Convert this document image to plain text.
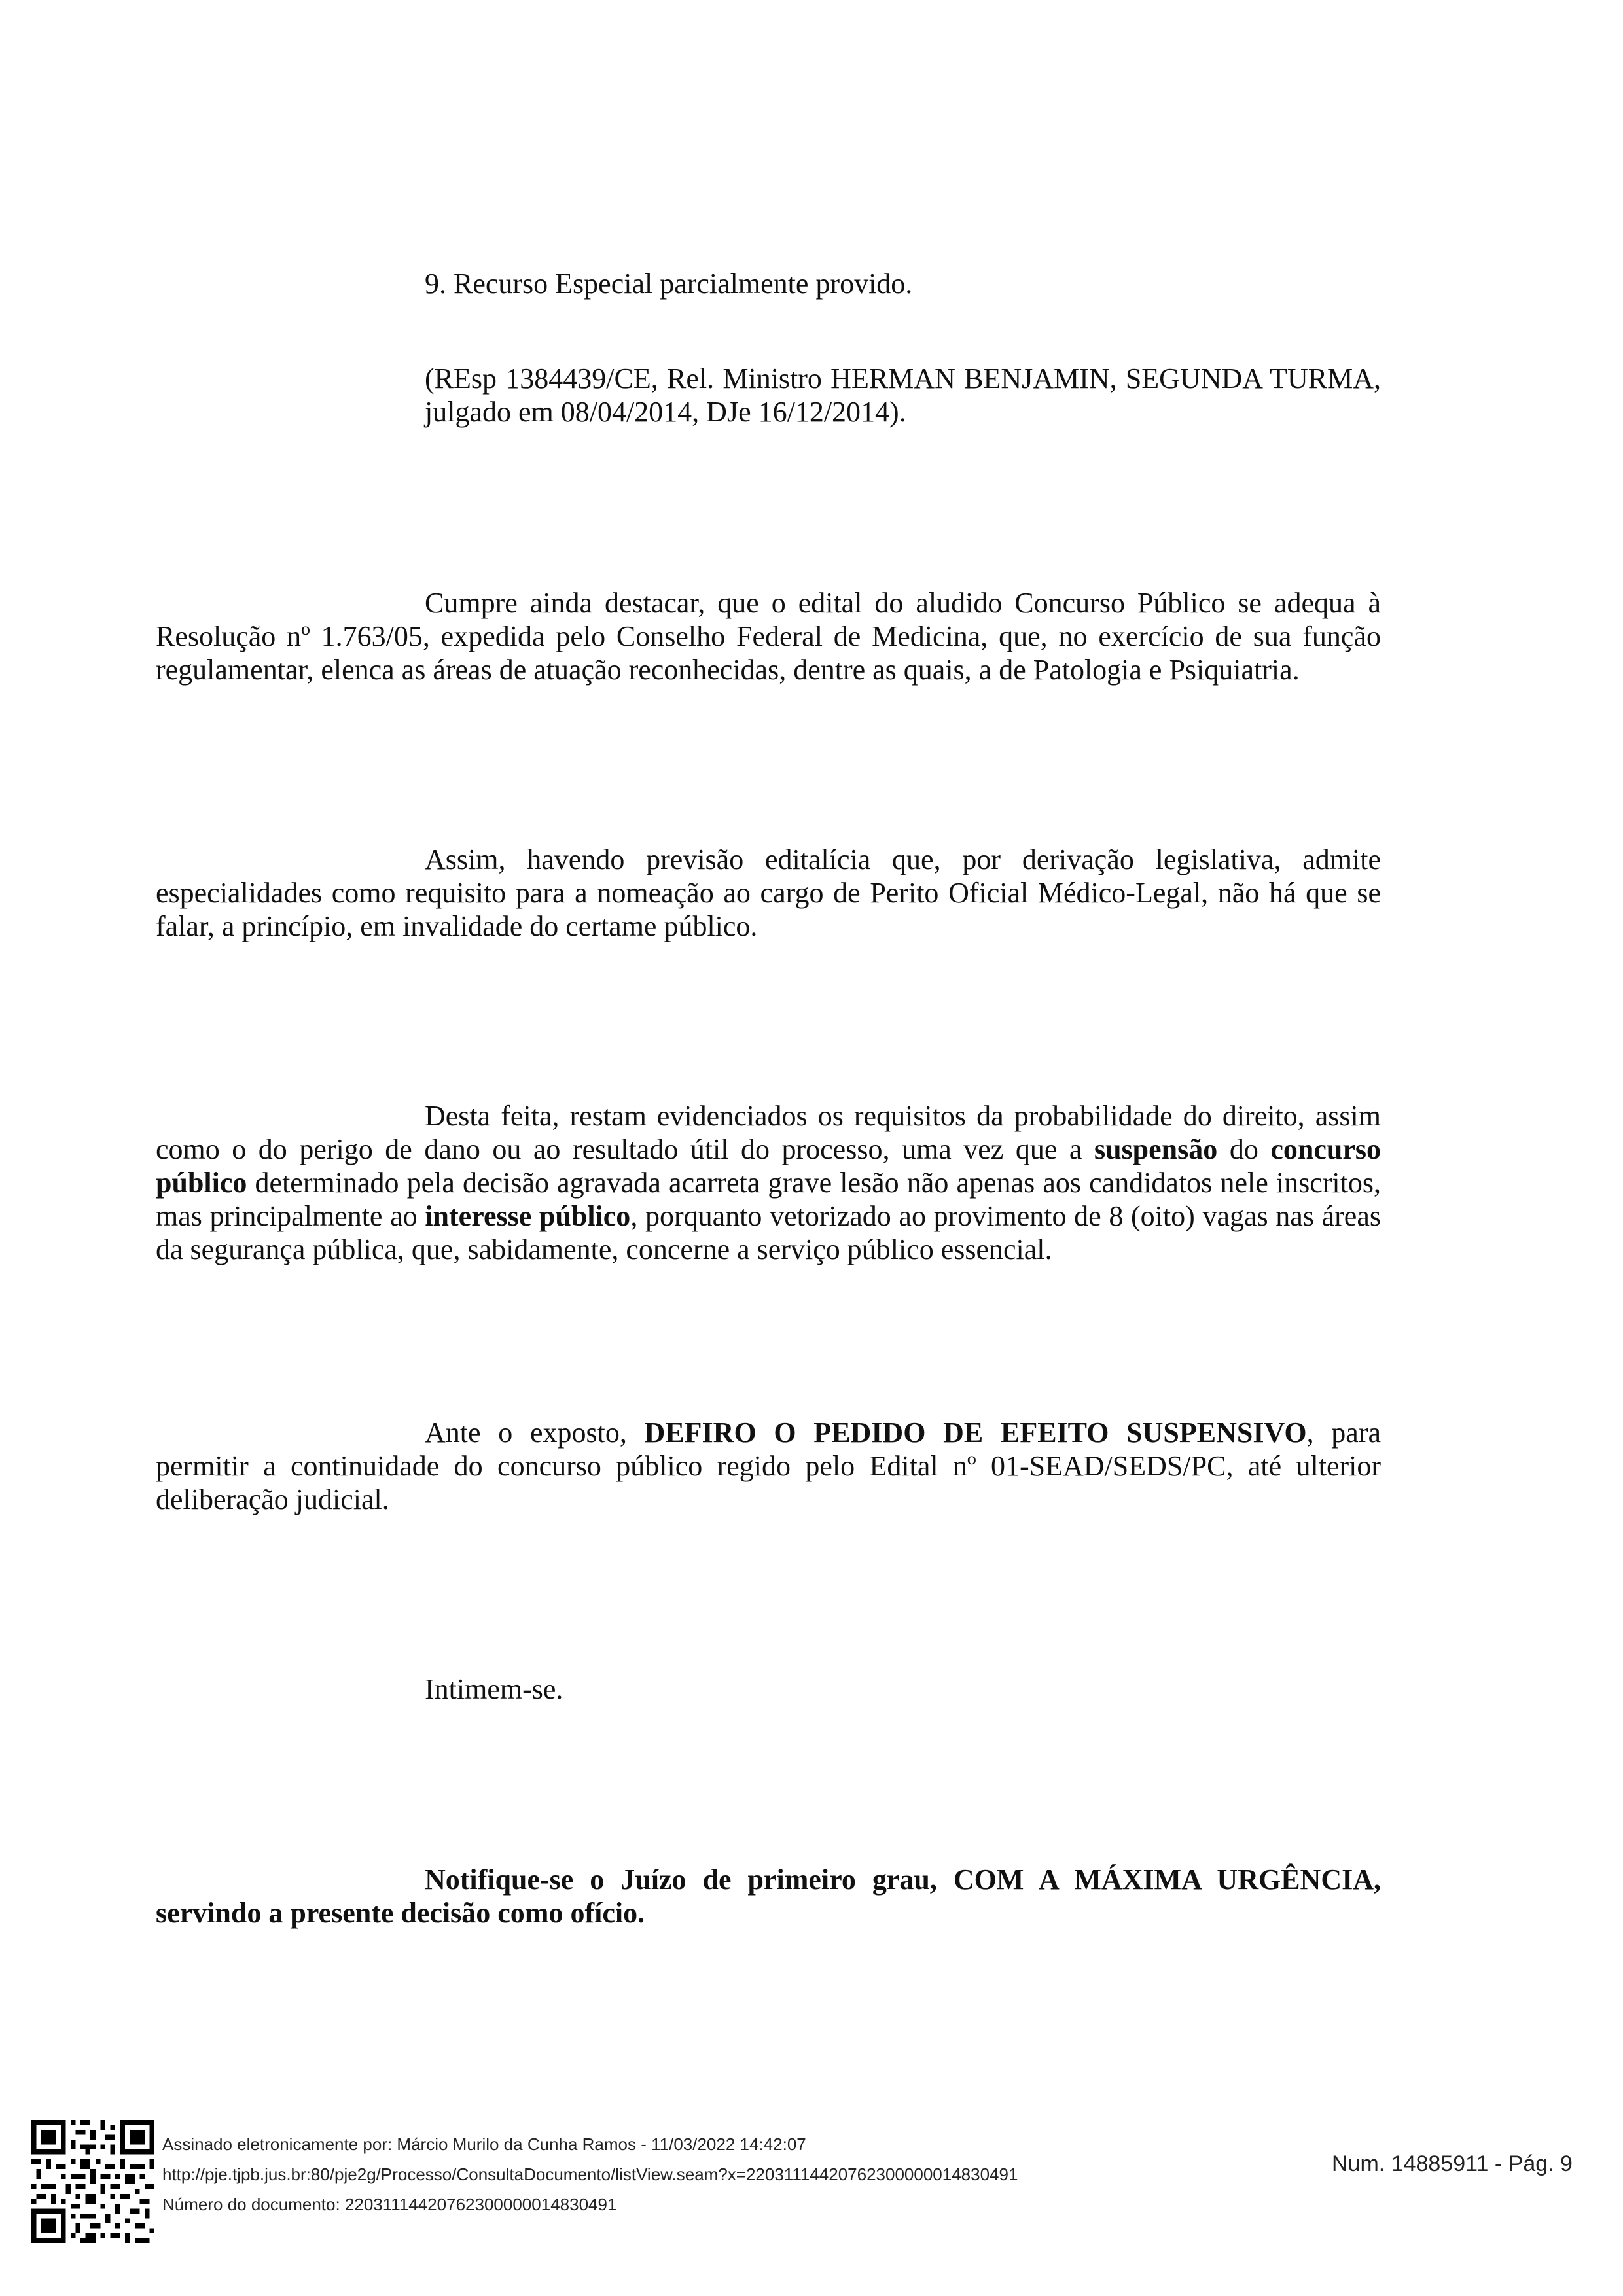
9. Recurso Especial parcialmente provido.
(REsp 1384439/CE, Rel. Ministro HERMAN BENJAMIN, SEGUNDA TURMA,
julgado em 08/04/2014, DJe 16/12/2014).
Cumpre ainda destacar, que o edital do aludido Concurso Público se adequa à
Resolução nº 1.763/05, expedida pelo Conselho Federal de Medicina, que, no exercício de sua função
regulamentar, elenca as áreas de atuação reconhecidas, dentre as quais, a de Patologia e Psiquiatria.
Assim, havendo previsão editalícia que, por derivação legislativa, admite
especialidades como requisito para a nomeação ao cargo de Perito Oficial Médico-Legal, não há que se
falar, a princípio, em invalidade do certame público.
Desta feita, restam evidenciados os requisitos da probabilidade do direito, assim
como o do perigo de dano ou ao resultado útil do processo, uma vez que a suspensão do concurso
público determinado pela decisão agravada acarreta grave lesão não apenas aos candidatos nele inscritos,
mas principalmente ao interesse público, porquanto vetorizado ao provimento de 8 (oito) vagas nas áreas
da segurança pública, que, sabidamente, concerne a serviço público essencial.
Ante o exposto, DEFIRO O PEDIDO DE EFEITO SUSPENSIVO, para
permitir a continuidade do concurso público regido pelo Edital nº 01-SEAD/SEDS/PC, até ulterior
deliberação judicial.
Intimem-se.
Notifique-se o Juízo de primeiro grau, COM A MÁXIMA URGÊNCIA,
servindo a presente decisão como ofício.
Assinado eletronicamente por: Márcio Murilo da Cunha Ramos - 11/03/2022 14:42:07
http://pje.tjpb.jus.br:80/pje2g/Processo/ConsultaDocumento/listView.seam?x=22031114420762300000014830491
Número do documento: 22031114420762300000014830491
Num. 14885911 - Pág. 9
